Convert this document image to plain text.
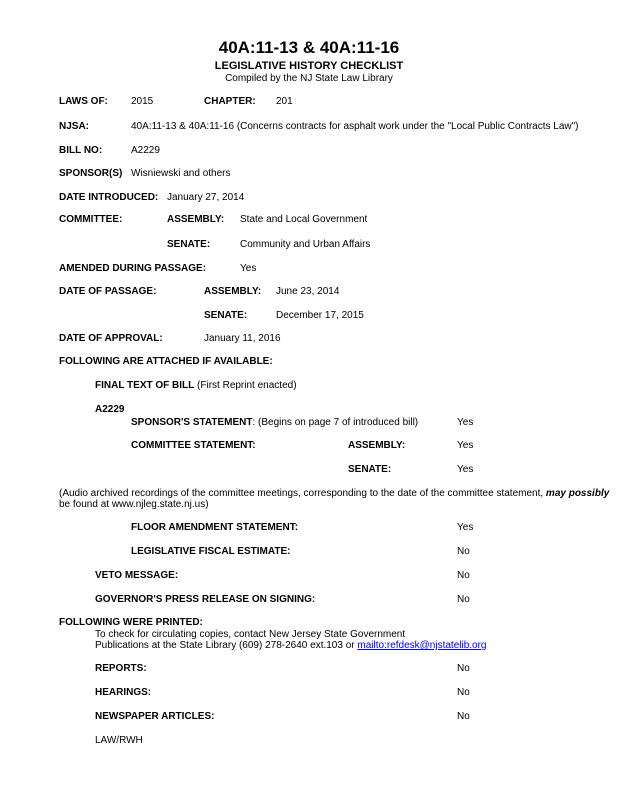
40A:11-13 & 40A:11-16
LEGISLATIVE HISTORY CHECKLIST
Compiled by the NJ State Law Library
LAWS OF: 2015	CHAPTER: 201
NJSA:	40A:11-13 & 40A:11-16 (Concerns contracts for asphalt work under the "Local Public Contracts Law")
BILL NO:	A2229
SPONSOR(S) Wisniewski and others
DATE INTRODUCED: January 27, 2014
COMMITTEE:	ASSEMBLY: State and Local Government
SENATE:	Community and Urban Affairs
AMENDED DURING PASSAGE:	Yes
DATE OF PASSAGE:	ASSEMBLY: June 23, 2014
SENATE:	December 17, 2015
DATE OF APPROVAL:	January 11, 2016
FOLLOWING ARE ATTACHED IF AVAILABLE:
FINAL TEXT OF BILL (First Reprint enacted)
A2229
SPONSOR'S STATEMENT: (Begins on page 7 of introduced bill)	Yes
COMMITTEE STATEMENT:	ASSEMBLY:	Yes
SENATE:	Yes
(Audio archived recordings of the committee meetings, corresponding to the date of the committee statement, may possibly
be found at www.njleg.state.nj.us)
FLOOR AMENDMENT STATEMENT:	Yes
LEGISLATIVE FISCAL ESTIMATE:	No
VETO MESSAGE:	No
GOVERNOR'S PRESS RELEASE ON SIGNING:	No
FOLLOWING WERE PRINTED:
To check for circulating copies, contact New Jersey State Government
Publications at the State Library (609) 278-2640 ext.103 or mailto:refdesk@njstatelib.org
REPORTS:	No
HEARINGS:	No
NEWSPAPER ARTICLES:	No
LAW/RWH
